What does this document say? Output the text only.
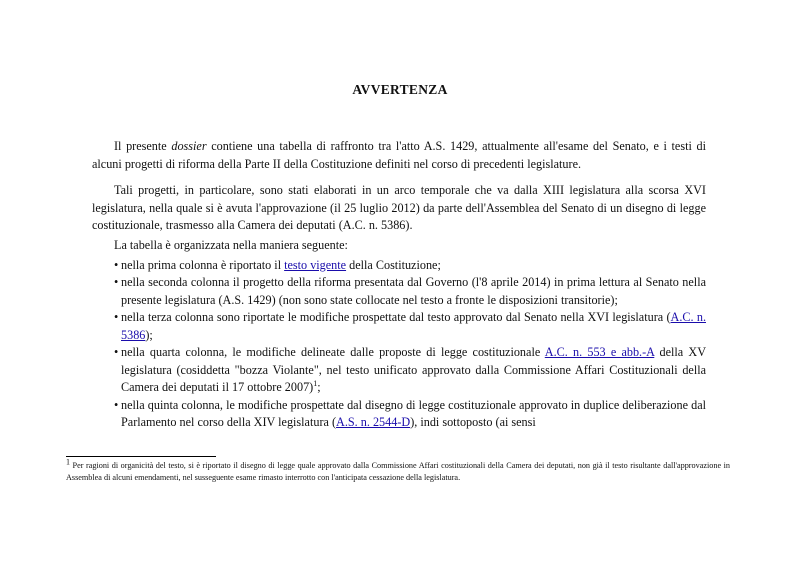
AVVERTENZA

Il presente dossier contiene una tabella di raffronto tra l'atto A.S. 1429, attualmente all'esame del Senato, e i testi di alcuni progetti di riforma della Parte II della Costituzione definiti nel corso di precedenti legislature.

Tali progetti, in particolare, sono stati elaborati in un arco temporale che va dalla XIII legislatura alla scorsa XVI legislatura, nella quale si è avuta l'approvazione (il 25 luglio 2012) da parte dell'Assemblea del Senato di un disegno di legge costituzionale, trasmesso alla Camera dei deputati (A.C. n. 5386).

La tabella è organizzata nella maniera seguente:

• nella prima colonna è riportato il testo vigente della Costituzione;
• nella seconda colonna il progetto della riforma presentata dal Governo (l'8 aprile 2014) in prima lettura al Senato nella presente legislatura (A.S. 1429) (non sono state collocate nel testo a fronte le disposizioni transitorie);
• nella terza colonna sono riportate le modifiche prospettate dal testo approvato dal Senato nella XVI legislatura (A.C. n. 5386);
• nella quarta colonna, le modifiche delineate dalle proposte di legge costituzionale A.C. n. 553 e abb.-A della XV legislatura (cosiddetta "bozza Violante", nel testo unificato approvato dalla Commissione Affari Costituzionali della Camera dei deputati il 17 ottobre 2007)$^1$;
• nella quinta colonna, le modifiche prospettate dal disegno di legge costituzionale approvato in duplice deliberazione dal Parlamento nel corso della XIV legislatura (A.S. n. 2544-D), indi sottoposto (ai sensi
$^1$ Per ragioni di organicità del testo, si è riportato il disegno di legge quale approvato dalla Commissione Affari costituzionali della Camera dei deputati, non già il testo risultante dall'approvazione in Assemblea di alcuni emendamenti, nel susseguente esame rimasto interrotto con l'anticipata cessazione della legislatura.
